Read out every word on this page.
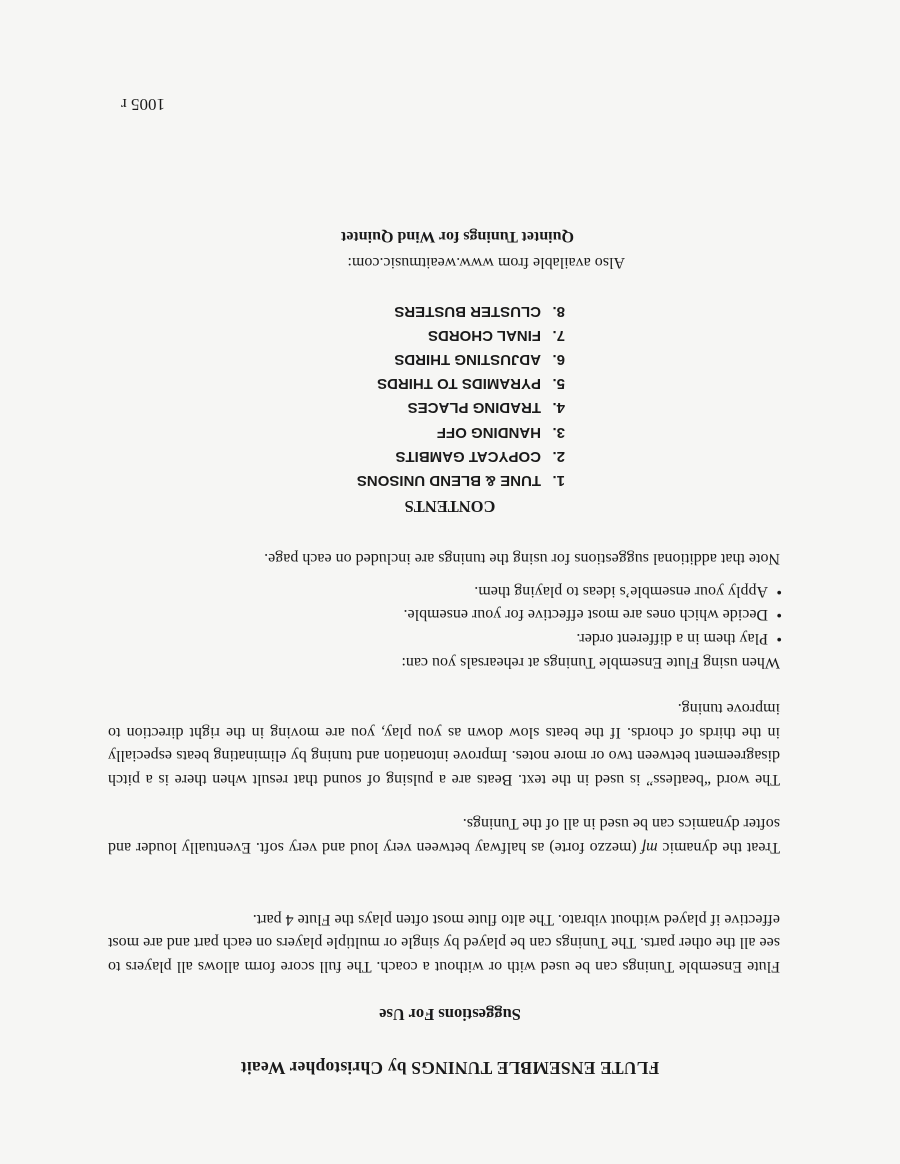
FLUTE ENSEMBLE TUNINGS by Christopher Weait
Suggestions For Use
Flute Ensemble Tunings can be used with or without a coach. The full score form allows all players to see all the other parts. The Tunings can be played by single or multiple players on each part and are most effective if played without vibrato. The alto flute most often plays the Flute 4 part.
Treat the dynamic mf (mezzo forte) as halfway between very loud and very soft. Eventually louder and softer dynamics can be used in all of the Tunings.
The word “beatless” is used in the text. Beats are a pulsing of sound that result when there is a pitch disagreement between two or more notes. Improve intonation and tuning by eliminating beats especially in the thirds of chords. If the beats slow down as you play, you are moving in the right direction to improve tuning.
When using Flute Ensemble Tunings at rehearsals you can:
• Play them in a different order.
• Decide which ones are most effective for your ensemble.
• Apply your ensemble’s ideas to playing them.
Note that additional suggestions for using the tunings are included on each page.
CONTENTS
1.TUNE & BLEND UNISONS
2.COPYCAT GAMBITS
3.HANDING OFF
4.TRADING PLACES
5.PYRAMIDS TO THIRDS
6.ADJUSTING THIRDS
7.FINAL CHORDS
8.CLUSTER BUSTERS
Also available from www.weaitmusic.com:
Quintet Tunings for Wind Quintet
1005 r
